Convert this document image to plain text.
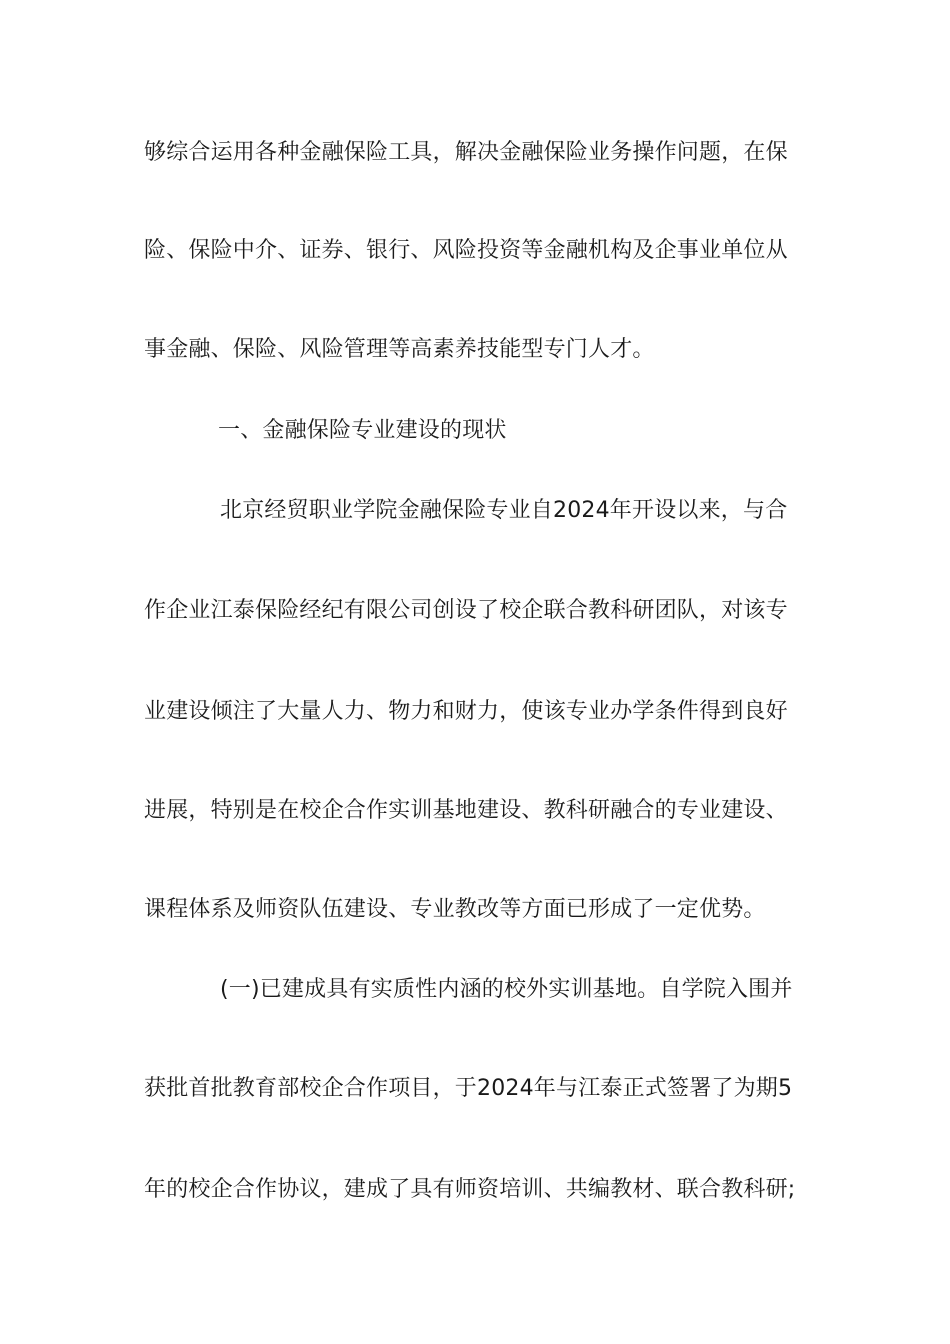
够综合运用各种金融保险工具，解决金融保险业务操作问题，在保
险、保险中介、证券、银行、风险投资等金融机构及企事业单位从
事金融、保险、风险管理等高素养技能型专门人才。
一、金融保险专业建设的现状
北京经贸职业学院金融保险专业自2024年开设以来，与合
作企业江泰保险经纪有限公司创设了校企联合教科研团队，对该专
业建设倾注了大量人力、物力和财力，使该专业办学条件得到良好
进展，特别是在校企合作实训基地建设、教科研融合的专业建设、
课程体系及师资队伍建设、专业教改等方面已形成了一定优势。
(一)已建成具有实质性内涵的校外实训基地。自学院入围并
获批首批教育部校企合作项目，于2024年与江泰正式签署了为期5
年的校企合作协议，建成了具有师资培训、共编教材、联合教科研;
